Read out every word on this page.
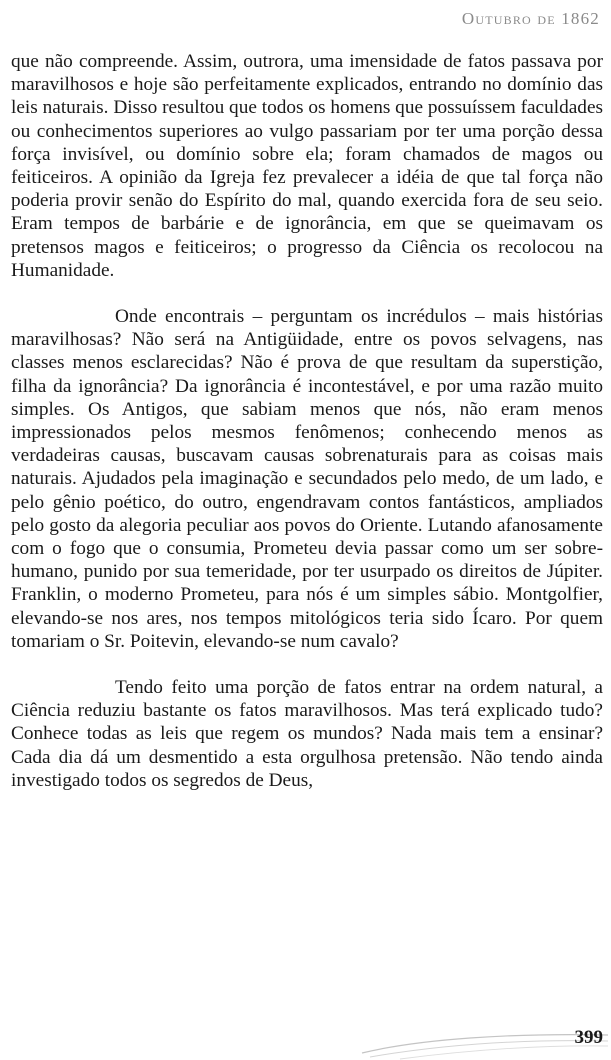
Outubro de 1862

que não compreende. Assim, outrora, uma imensidade de fatos passava por maravilhosos e hoje são perfeitamente explicados, entrando no domínio das leis naturais. Disso resultou que todos os homens que possuíssem faculdades ou conhecimentos superiores ao vulgo passariam por ter uma porção dessa força invisível, ou domínio sobre ela; foram chamados de magos ou feiticeiros. A opinião da Igreja fez prevalecer a idéia de que tal força não poderia provir senão do Espírito do mal, quando exercida fora de seu seio. Eram tempos de barbárie e de ignorância, em que se queimavam os pretensos magos e feiticeiros; o progresso da Ciência os recolocou na Humanidade.

Onde encontrais – perguntam os incrédulos – mais histórias maravilhosas? Não será na Antigüidade, entre os povos selvagens, nas classes menos esclarecidas? Não é prova de que resultam da superstição, filha da ignorância? Da ignorância é incontestável, e por uma razão muito simples. Os Antigos, que sabiam menos que nós, não eram menos impressionados pelos mesmos fenômenos; conhecendo menos as verdadeiras causas, buscavam causas sobrenaturais para as coisas mais naturais. Ajudados pela imaginação e secundados pelo medo, de um lado, e pelo gênio poético, do outro, engendravam contos fantásticos, ampliados pelo gosto da alegoria peculiar aos povos do Oriente. Lutando afanosamente com o fogo que o consumia, Prometeu devia passar como um ser sobre-humano, punido por sua temeridade, por ter usurpado os direitos de Júpiter. Franklin, o moderno Prometeu, para nós é um simples sábio. Montgolfier, elevando-se nos ares, nos tempos mitológicos teria sido Ícaro. Por quem tomariam o Sr. Poitevin, elevando-se num cavalo?

Tendo feito uma porção de fatos entrar na ordem natural, a Ciência reduziu bastante os fatos maravilhosos. Mas terá explicado tudo? Conhece todas as leis que regem os mundos? Nada mais tem a ensinar? Cada dia dá um desmentido a esta orgulhosa pretensão. Não tendo ainda investigado todos os segredos de Deus,

399
